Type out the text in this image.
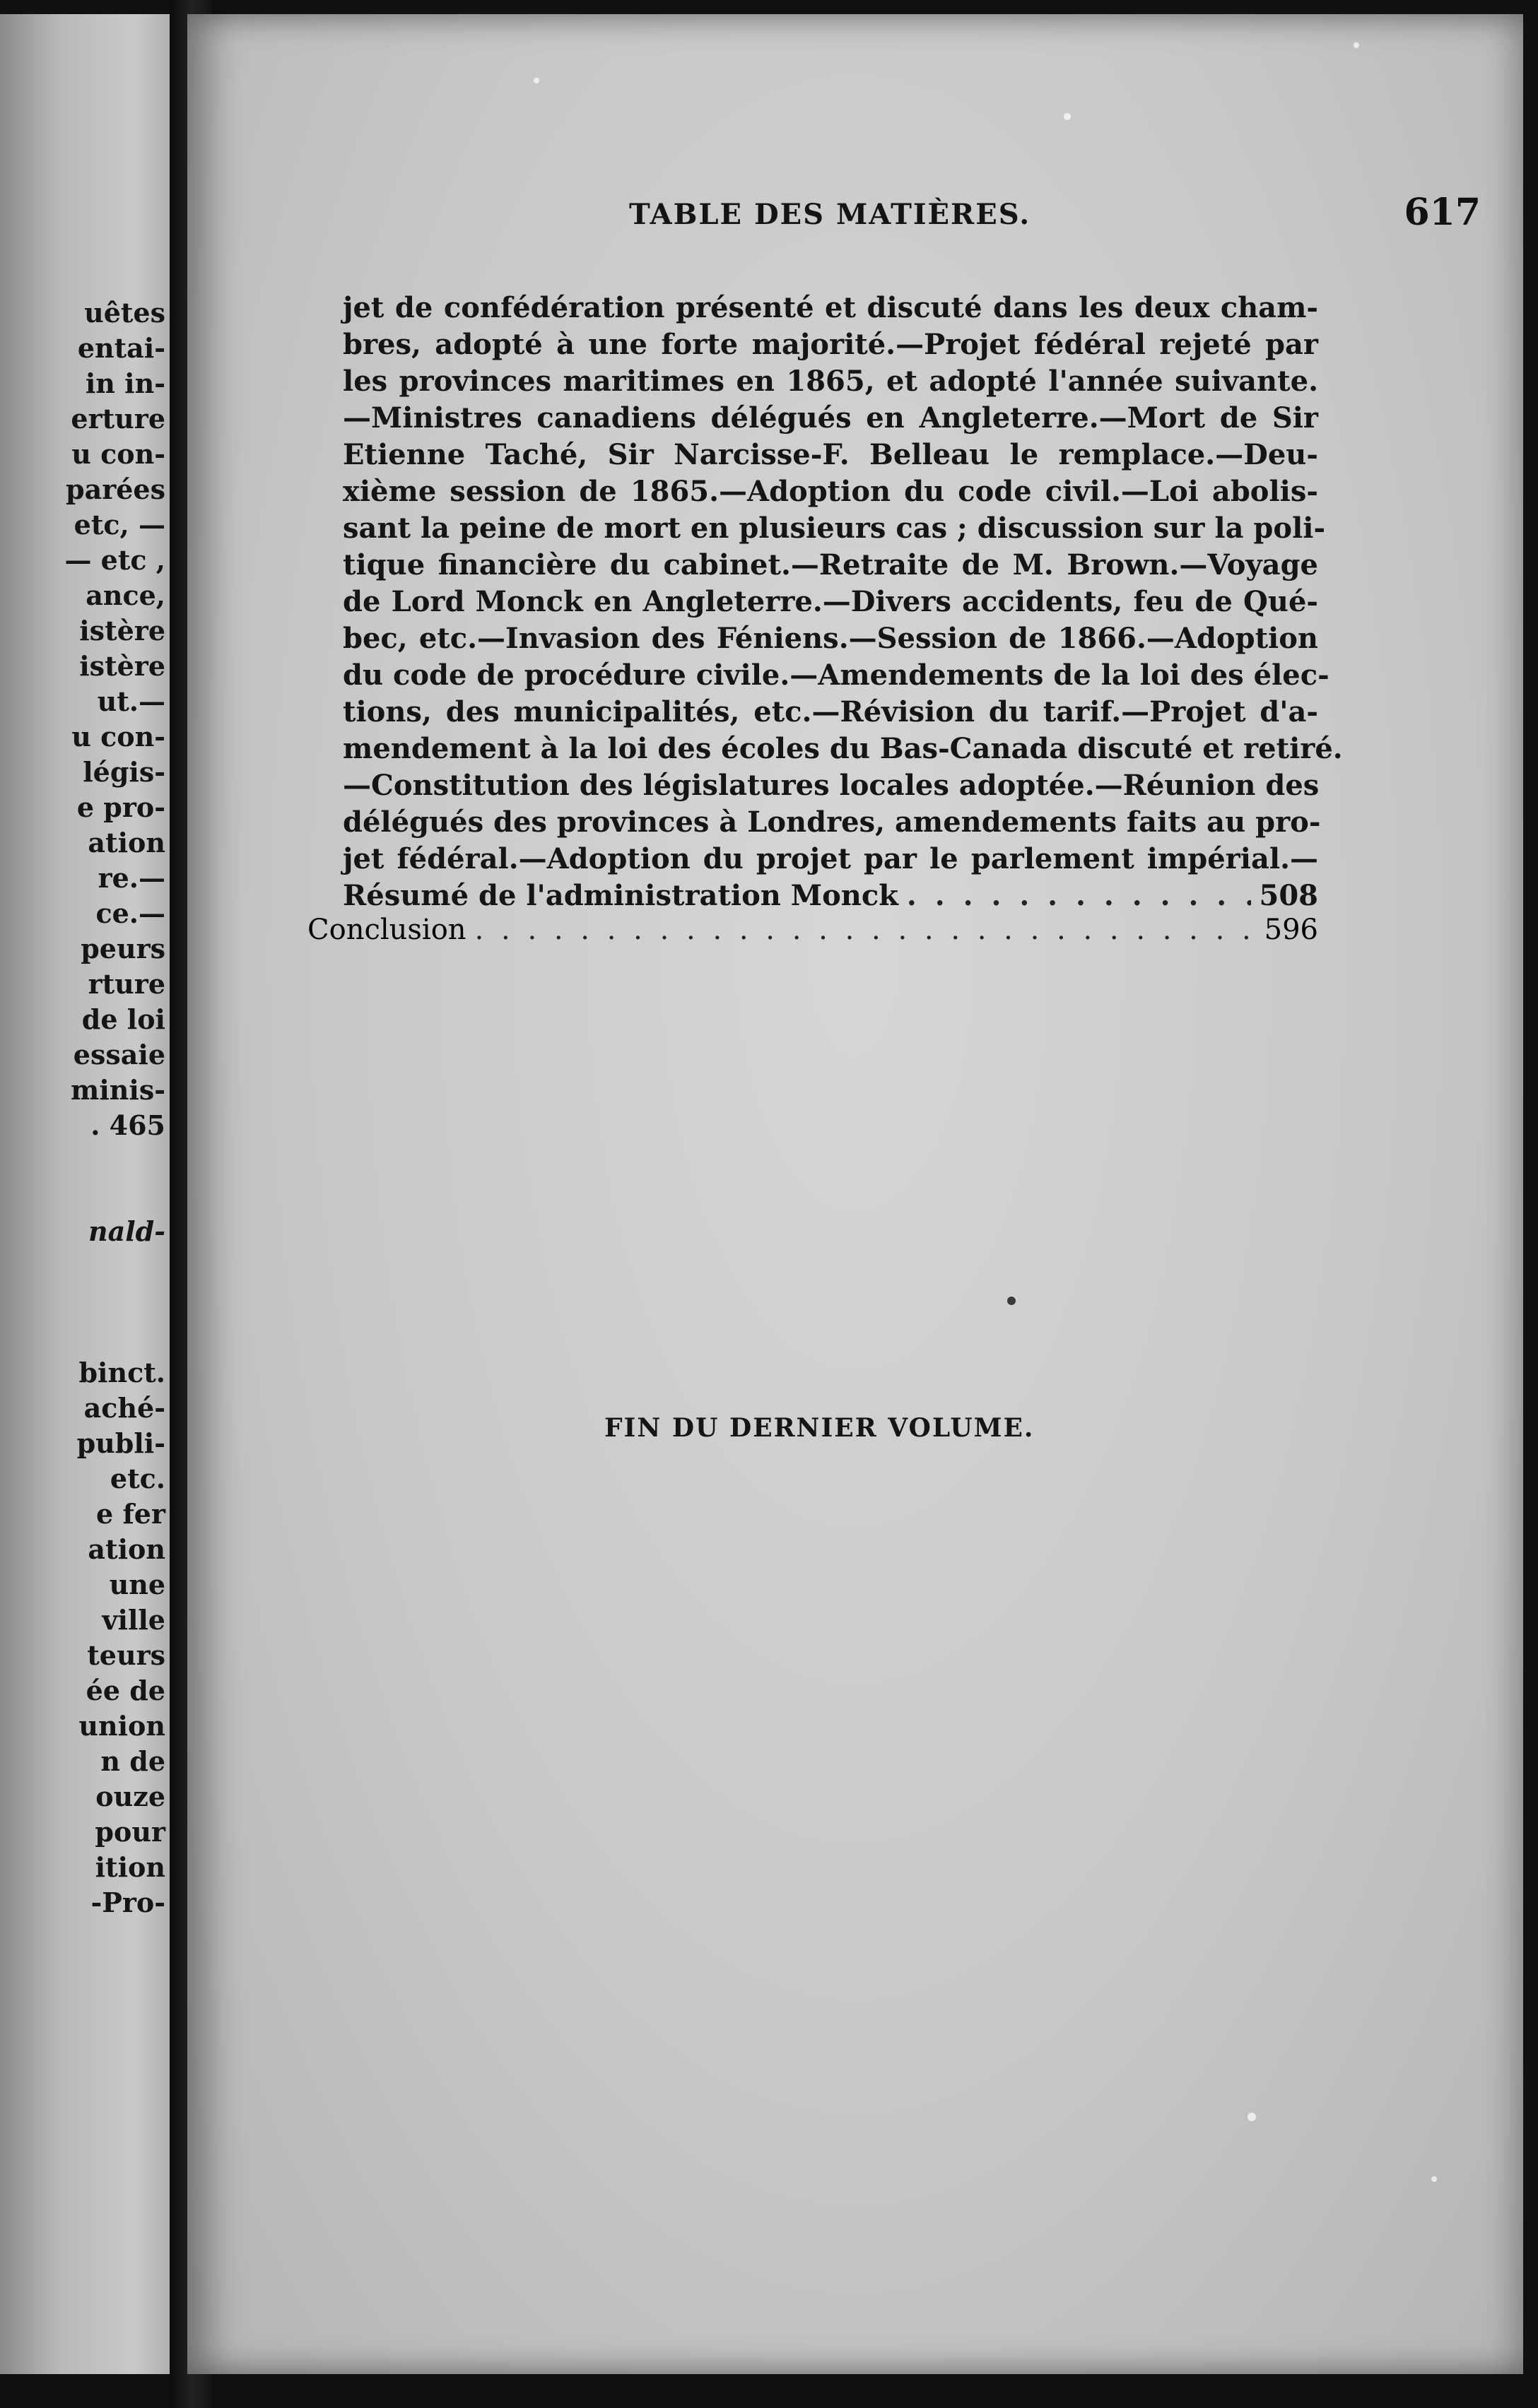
uêtes
entai-
in in-
erture
u con-
parées
etc, —
— etc ,
ance,
istère
istère
ut.—
u con-
légis-
e pro-
ation
re.—
ce.—
peurs
rture
de loi
essaie
minis-
. 465
nald-
binct.
aché-
publi-
etc.
e fer
ation
une
ville
teurs
ée de
union
n de
ouze
pour
ition
-Pro-
TABLE DES MATIÈRES.	617
jet de confédération présenté et discuté dans les deux cham-
bres, adopté à une forte majorité.—Projet fédéral rejeté par
les provinces maritimes en 1865, et adopté l'année suivante.
—Ministres canadiens délégués en Angleterre.—Mort de Sir
Etienne Taché, Sir Narcisse-F. Belleau le remplace.—Deu-
xième session de 1865.—Adoption du code civil.—Loi abolis-
sant la peine de mort en plusieurs cas ; discussion sur la poli-
tique financière du cabinet.—Retraite de M. Brown.—Voyage
de Lord Monck en Angleterre.—Divers accidents, feu de Qué-
bec, etc.—Invasion des Féniens.—Session de 1866.—Adoption
du code de procédure civile.—Amendements de la loi des élec-
tions, des municipalités, etc.—Révision du tarif.—Projet d'a-
mendement à la loi des écoles du Bas-Canada discuté et retiré.
—Constitution des législatures locales adoptée.—Réunion des
délégués des provinces à Londres, amendements faits au pro-
jet fédéral.—Adoption du projet par le parlement impérial.—
Résumé de l'administration Monck . . .	508
Conclusion . . .	596
FIN DU DERNIER VOLUME.
